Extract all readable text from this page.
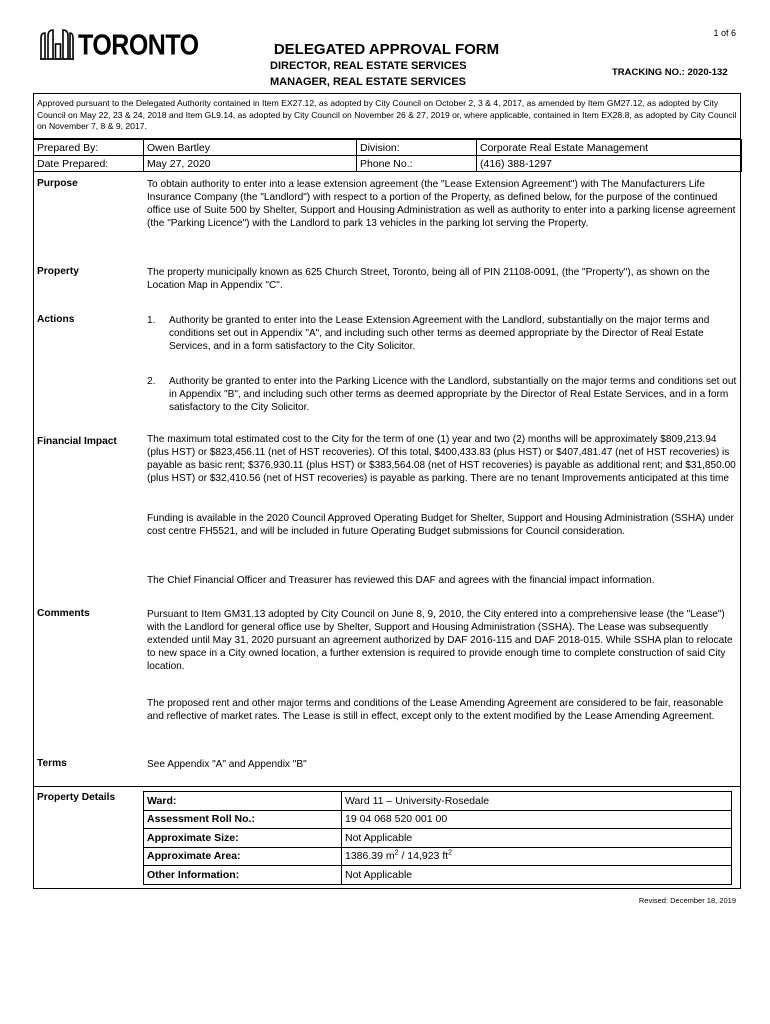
1 of 6
TORONTO	DELEGATED APPROVAL FORM
DIRECTOR, REAL ESTATE SERVICES
MANAGER, REAL ESTATE SERVICES
TRACKING NO.: 2020-132
Approved pursuant to the Delegated Authority contained in Item EX27.12, as adopted by City Council on October 2, 3 & 4, 2017, as amended by Item GM27.12, as adopted by City Council on May 22, 23 & 24, 2018 and Item GL9.14, as adopted by City Council on November 26 & 27, 2019 or, where applicable, contained in Item EX28.8, as adopted by City Council on November 7, 8 & 9, 2017.
Prepared By:	Owen Bartley	Division:	Corporate Real Estate Management
Date Prepared:	May 27, 2020	Phone No.:	(416) 388-1297
Purpose	To obtain authority to enter into a lease extension agreement (the "Lease Extension Agreement") with The Manufacturers Life Insurance Company (the "Landlord") with respect to a portion of the Property, as defined below, for the purpose of the continued office use of Suite 500 by Shelter, Support and Housing Administration as well as authority to enter into a parking license agreement (the "Parking Licence") with the Landlord to park 13 vehicles in the parking lot serving the Property.
Property	The property municipally known as 625 Church Street, Toronto, being all of PIN 21108-0091, (the "Property"), as shown on the Location Map in Appendix "C".
Actions	1.	Authority be granted to enter into the Lease Extension Agreement with the Landlord, substantially on the major terms and conditions set out in Appendix "A", and including such other terms as deemed appropriate by the Director of Real Estate Services, and in a form satisfactory to the City Solicitor.
2.	Authority be granted to enter into the Parking Licence with the Landlord, substantially on the major terms and conditions set out in Appendix "B", and including such other terms as deemed appropriate by the Director of Real Estate Services, and in a form satisfactory to the City Solicitor.
Financial Impact	The maximum total estimated cost to the City for the term of one (1) year and two (2) months will be approximately $809,213.94 (plus HST) or $823,456.11 (net of HST recoveries). Of this total, $400,433.83 (plus HST) or $407,481.47 (net of HST recoveries) is payable as basic rent; $376,930.11 (plus HST) or $383,564.08 (net of HST recoveries) is payable as additional rent; and $31,850.00 (plus HST) or $32,410.56 (net of HST recoveries) is payable as parking. There are no tenant Improvements anticipated at this time
Funding is available in the 2020 Council Approved Operating Budget for Shelter, Support and Housing Administration (SSHA) under cost centre FH5521, and will be included in future Operating Budget submissions for Council consideration.
The Chief Financial Officer and Treasurer has reviewed this DAF and agrees with the financial impact information.
Comments	Pursuant to Item GM31.13 adopted by City Council on June 8, 9, 2010, the City entered into a comprehensive lease (the "Lease") with the Landlord for general office use by Shelter, Support and Housing Administration (SSHA). The Lease was subsequently extended until May 31, 2020 pursuant an agreement authorized by DAF 2016-115 and DAF 2018-015. While SSHA plan to relocate to new space in a City owned location, a further extension is required to provide enough time to complete construction of said City location.
The proposed rent and other major terms and conditions of the Lease Amending Agreement are considered to be fair, reasonable and reflective of market rates. The Lease is still in effect, except only to the extent modified by the Lease Amending Agreement.
Terms	See Appendix "A" and Appendix "B"
Property Details	Ward:	Ward 11 – University-Rosedale
Assessment Roll No.:	19 04 068 520 001 00
Approximate Size:	Not Applicable
Approximate Area:	1386.39 $m^2 / 14,923$ $ft^2$
Other Information:	Not Applicable
Revised: December 18, 2019
